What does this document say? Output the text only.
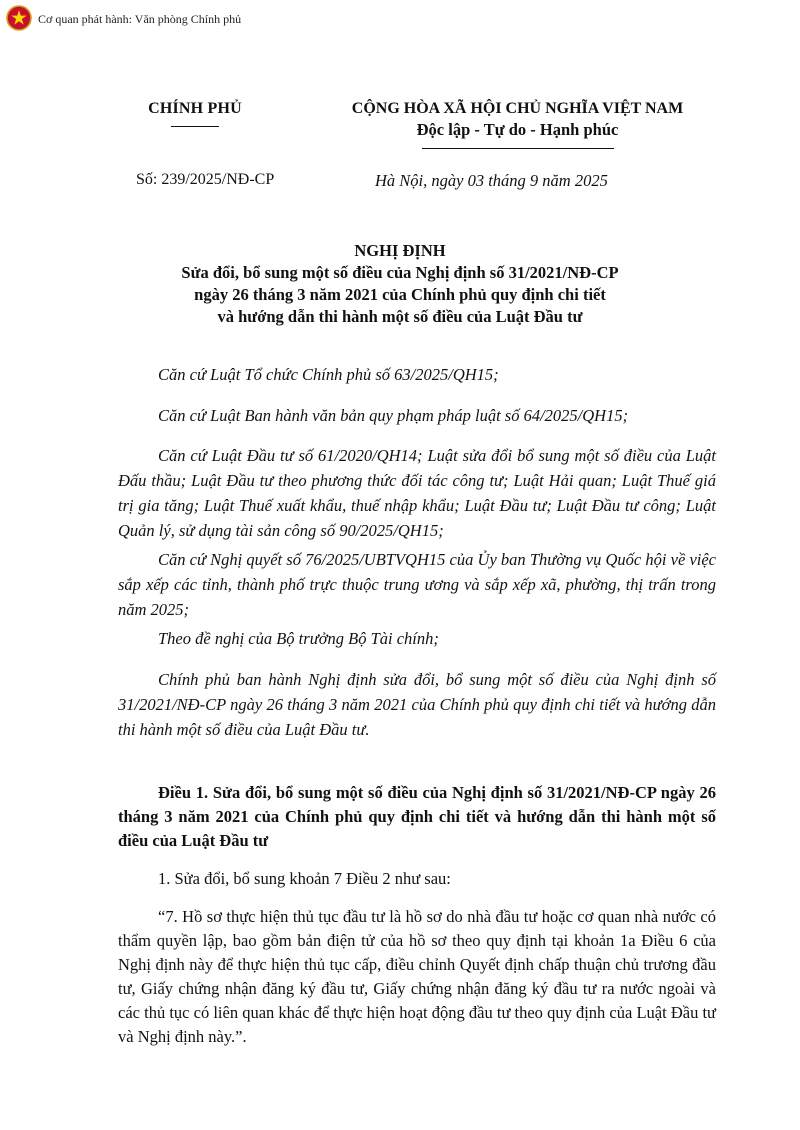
Cơ quan phát hành: Văn phòng Chính phủ
CHÍNH PHỦ
Số: 239/2025/NĐ-CP
CỘNG HÒA XÃ HỘI CHỦ NGHĨA VIỆT NAM
Độc lập - Tự do - Hạnh phúc
Hà Nội, ngày 03 tháng 9 năm 2025
NGHỊ ĐỊNH
Sửa đổi, bổ sung một số điều của Nghị định số 31/2021/NĐ-CP
ngày 26 tháng 3 năm 2021 của Chính phủ quy định chi tiết
và hướng dẫn thi hành một số điều của Luật Đầu tư
Căn cứ Luật Tổ chức Chính phủ số 63/2025/QH15;
Căn cứ Luật Ban hành văn bản quy phạm pháp luật số 64/2025/QH15;
Căn cứ Luật Đầu tư số 61/2020/QH14; Luật sửa đổi bổ sung một số điều của Luật Đấu thầu; Luật Đầu tư theo phương thức đối tác công tư; Luật Hải quan; Luật Thuế giá trị gia tăng; Luật Thuế xuất khẩu, thuế nhập khẩu; Luật Đầu tư; Luật Đầu tư công; Luật Quản lý, sử dụng tài sản công số 90/2025/QH15;
Căn cứ Nghị quyết số 76/2025/UBTVQH15 của Ủy ban Thường vụ Quốc hội về việc sắp xếp các tỉnh, thành phố trực thuộc trung ương và sắp xếp xã, phường, thị trấn trong năm 2025;
Theo đề nghị của Bộ trưởng Bộ Tài chính;
Chính phủ ban hành Nghị định sửa đổi, bổ sung một số điều của Nghị định số 31/2021/NĐ-CP ngày 26 tháng 3 năm 2021 của Chính phủ quy định chi tiết và hướng dẫn thi hành một số điều của Luật Đầu tư.
Điều 1. Sửa đổi, bổ sung một số điều của Nghị định số 31/2021/NĐ-CP ngày 26 tháng 3 năm 2021 của Chính phủ quy định chi tiết và hướng dẫn thi hành một số điều của Luật Đầu tư
1. Sửa đổi, bổ sung khoản 7 Điều 2 như sau:
“7. Hồ sơ thực hiện thủ tục đầu tư là hồ sơ do nhà đầu tư hoặc cơ quan nhà nước có thẩm quyền lập, bao gồm bản điện tử của hồ sơ theo quy định tại khoản 1a Điều 6 của Nghị định này để thực hiện thủ tục cấp, điều chỉnh Quyết định chấp thuận chủ trương đầu tư, Giấy chứng nhận đăng ký đầu tư, Giấy chứng nhận đăng ký đầu tư ra nước ngoài và các thủ tục có liên quan khác để thực hiện hoạt động đầu tư theo quy định của Luật Đầu tư và Nghị định này.”.
